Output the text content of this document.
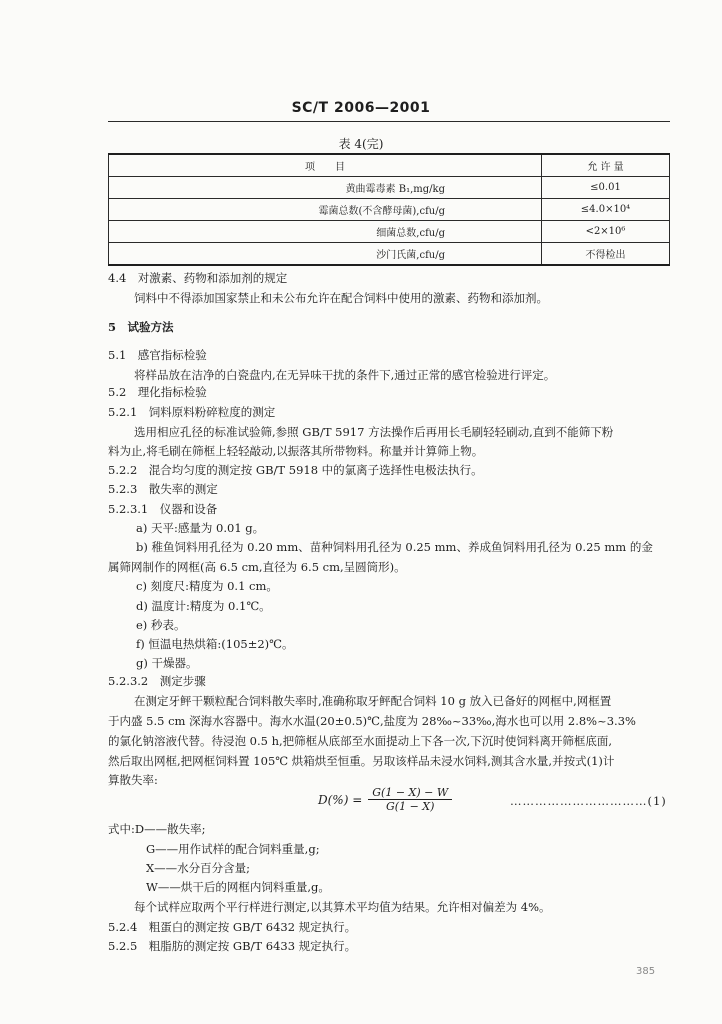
SC/T 2006—2001
表 4(完)
项　　目	允 许 量
黄曲霉毒素 B₁,mg/kg	≤0.01
霉菌总数(不含酵母菌),cfu/g	≤4.0×10⁴
细菌总数,cfu/g	<2×10⁶
沙门氏菌,cfu/g	不得检出
4.4　对激素、药物和添加剂的规定
饲料中不得添加国家禁止和未公布允许在配合饲料中使用的激素、药物和添加剂。
5　试验方法
5.1　感官指标检验
将样品放在洁净的白瓷盘内,在无异味干扰的条件下,通过正常的感官检验进行评定。
5.2　理化指标检验
5.2.1　饲料原料粉碎粒度的测定
选用相应孔径的标准试验筛,参照 GB/T 5917 方法操作后再用长毛刷轻轻刷动,直到不能筛下粉
料为止,将毛刷在筛框上轻轻敲动,以振落其所带物料。称量并计算筛上物。
5.2.2　混合均匀度的测定按 GB/T 5918 中的氯离子选择性电极法执行。
5.2.3　散失率的测定
5.2.3.1　仪器和设备
a) 天平:感量为 0.01 g。
b) 稚鱼饲料用孔径为 0.20 mm、苗种饲料用孔径为 0.25 mm、养成鱼饲料用孔径为 0.25 mm 的金
属筛网制作的网框(高 6.5 cm,直径为 6.5 cm,呈圆筒形)。
c) 刻度尺:精度为 0.1 cm。
d) 温度计:精度为 0.1℃。
e) 秒表。
f) 恒温电热烘箱:(105±2)℃。
g) 干燥器。
5.2.3.2　测定步骤
在测定牙鲆干颗粒配合饲料散失率时,准确称取牙鲆配合饲料 10 g 放入已备好的网框中,网框置
于内盛 5.5 cm 深海水容器中。海水水温(20±0.5)℃,盐度为 28‰~33‰,海水也可以用 2.8%~3.3%
的氯化钠溶液代替。待浸泡 0.5 h,把筛框从底部至水面提动上下各一次,下沉时使饲料离开筛框底面,
然后取出网框,把网框饲料置 105℃ 烘箱烘至恒重。另取该样品未浸水饲料,测其含水量,并按式(1)计
算散失率:
$D(\%) = \frac{G(1 - X) - W}{G(1 - X)}$	……………………………(1)
式中:D——散失率;
G——用作试样的配合饲料重量,g;
X——水分百分含量;
W——烘干后的网框内饲料重量,g。
每个试样应取两个平行样进行测定,以其算术平均值为结果。允许相对偏差为 4%。
5.2.4　粗蛋白的测定按 GB/T 6432 规定执行。
5.2.5　粗脂肪的测定按 GB/T 6433 规定执行。
385
